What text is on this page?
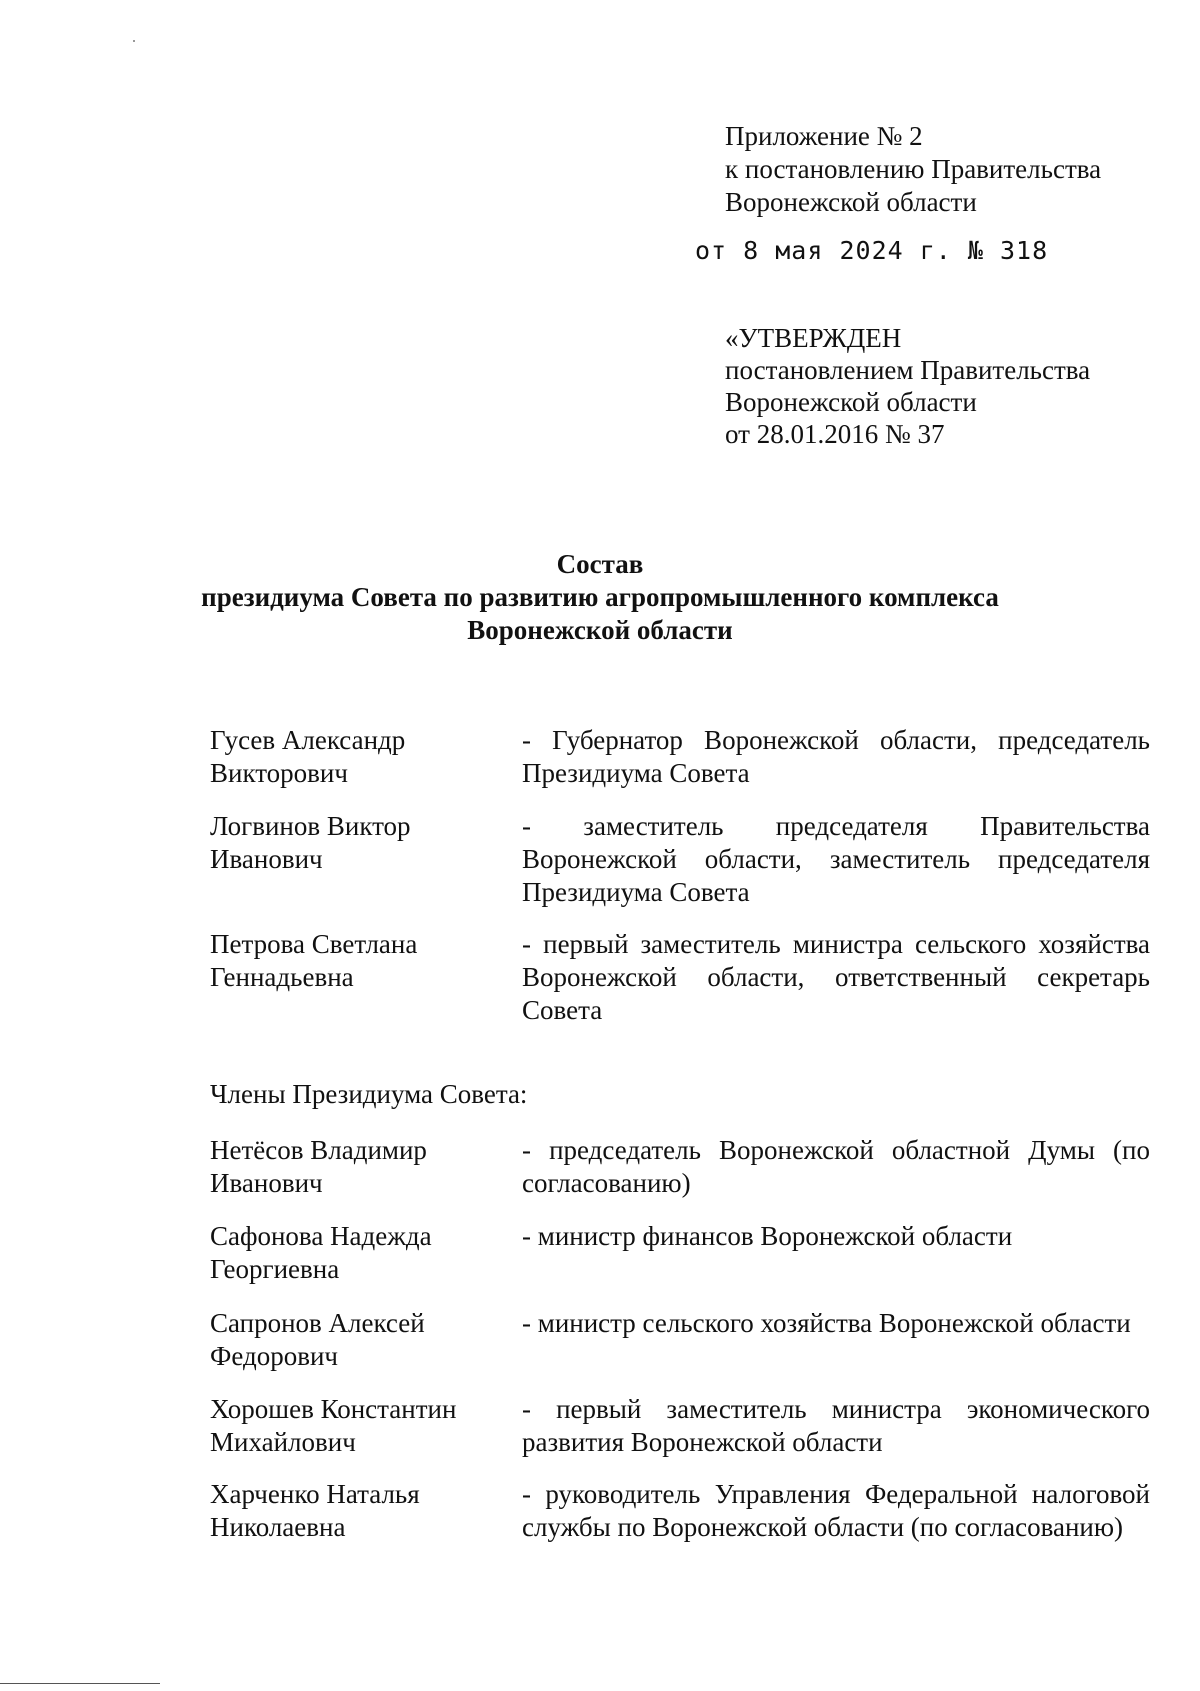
Приложение № 2
к постановлению Правительства
Воронежской области
от 8 мая 2024 г. № 318
«УТВЕРЖДЕН
постановлением Правительства
Воронежской области
от 28.01.2016 № 37
Состав
президиума Совета по развитию агропромышленного комплекса
Воронежской области
Гусев Александр
Викторович
- Губернатор Воронежской области, председатель Президиума Совета
Логвинов Виктор
Иванович
- заместитель председателя Правительства Воронежской области, заместитель председателя Президиума Совета
Петрова Светлана
Геннадьевна
- первый заместитель министра сельского хозяйства Воронежской области, ответственный секретарь Совета
Члены Президиума Совета:
Нетёсов Владимир
Иванович
- председатель Воронежской областной Думы (по согласованию)
Сафонова Надежда
Георгиевна
- министр финансов Воронежской области
Сапронов Алексей
Федорович
- министр сельского хозяйства Воронежской области
Хорошев Константин
Михайлович
- первый заместитель министра экономического развития Воронежской области
Харченко Наталья
Николаевна
- руководитель Управления Федеральной налоговой службы по Воронежской области (по согласованию)
